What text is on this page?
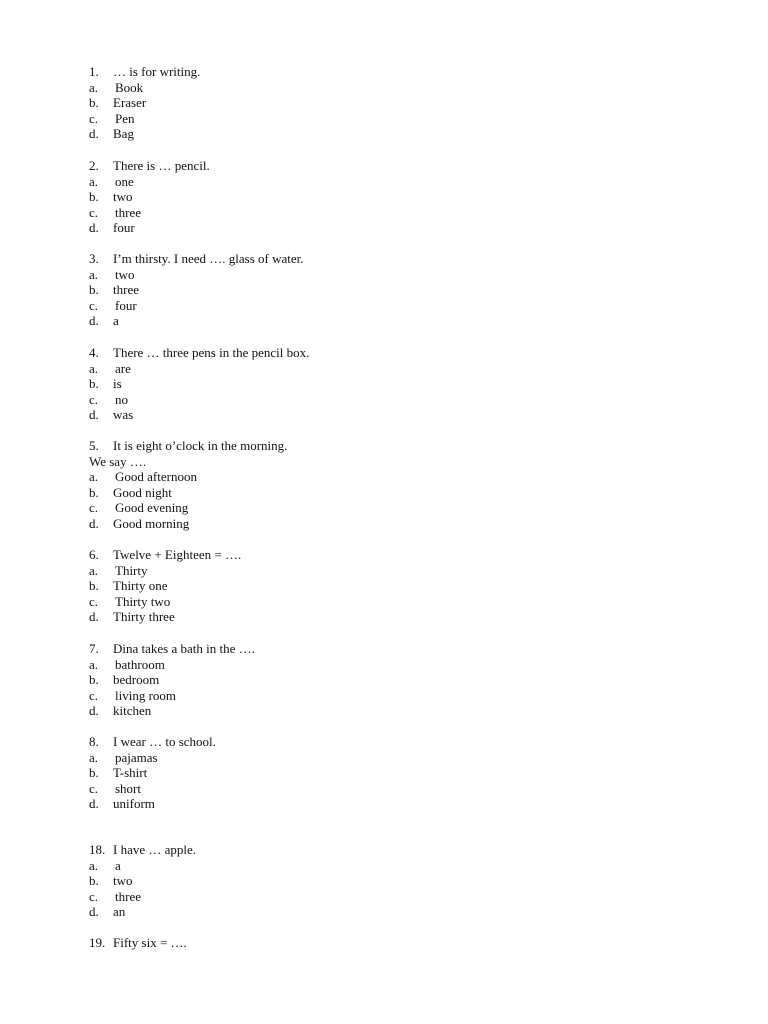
1. … is for writing.
a. Book
b. Eraser
c. Pen
d. Bag
2. There is … pencil.
a. one
b. two
c. three
d. four
3. I’m thirsty. I need …. glass of water.
a. two
b. three
c. four
d. a
4. There … three pens in the pencil box.
a. are
b. is
c. no
d. was
5. It is eight o’clock in the morning.
We say ….
a. Good afternoon
b. Good night
c. Good evening
d. Good morning
6. Twelve + Eighteen = ….
a. Thirty
b. Thirty one
c. Thirty two
d. Thirty three
7. Dina takes a bath in the ….
a. bathroom
b. bedroom
c. living room
d. kitchen
8. I wear … to school.
a. pajamas
b. T-shirt
c. short
d. uniform
18. I have … apple.
a. a
b. two
c. three
d. an
19. Fifty six = ….
